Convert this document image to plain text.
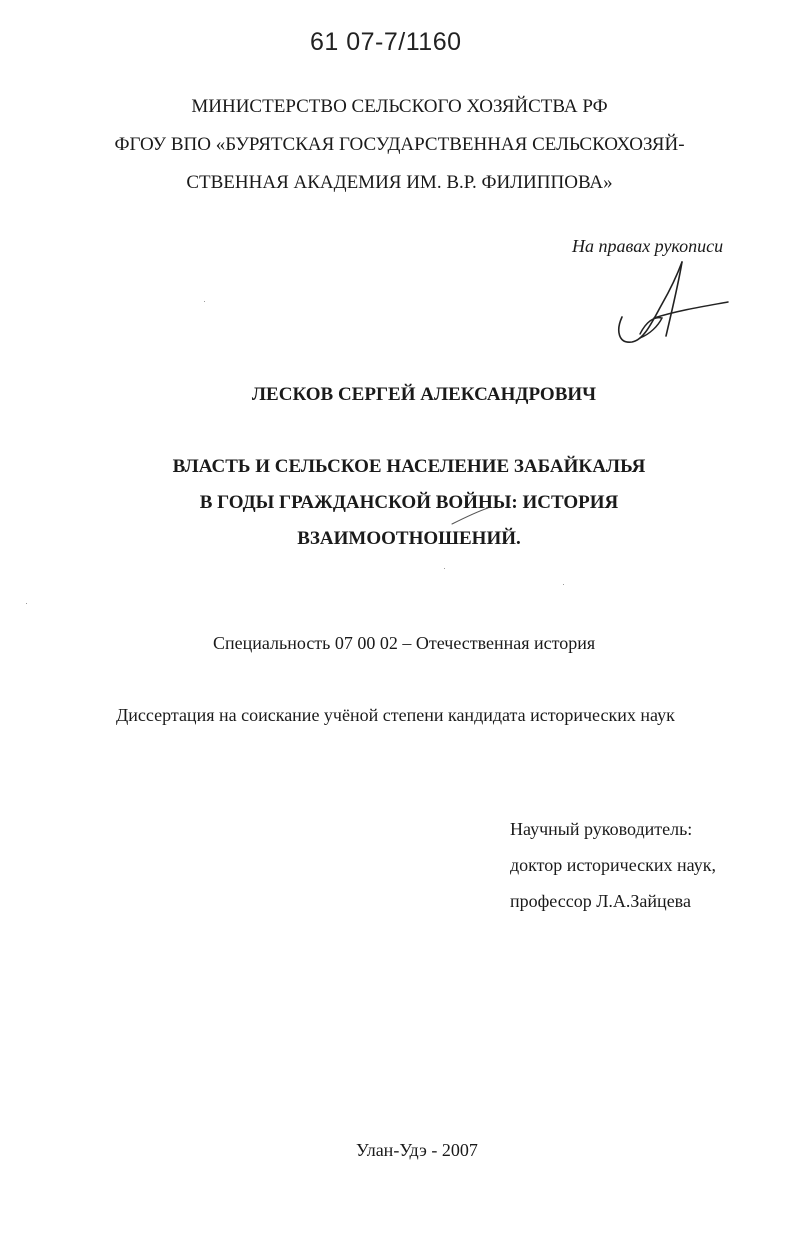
61 07-7/1160
МИНИСТЕРСТВО СЕЛЬСКОГО ХОЗЯЙСТВА РФ
ФГОУ ВПО «БУРЯТСКАЯ ГОСУДАРСТВЕННАЯ СЕЛЬСКОХОЗЯЙ-
СТВЕННАЯ АКАДЕМИЯ ИМ. В.Р. ФИЛИППОВА»
На правах рукописи
ЛЕСКОВ СЕРГЕЙ АЛЕКСАНДРОВИЧ
ВЛАСТЬ И СЕЛЬСКОЕ НАСЕЛЕНИЕ ЗАБАЙКАЛЬЯ
В ГОДЫ ГРАЖДАНСКОЙ ВОЙНЫ: ИСТОРИЯ
ВЗАИМООТНОШЕНИЙ.
Специальность 07 00 02 – Отечественная история
Диссертация на соискание учёной степени кандидата исторических наук
Научный руководитель:
доктор исторических наук,
профессор Л.А.Зайцева
Улан-Удэ - 2007
